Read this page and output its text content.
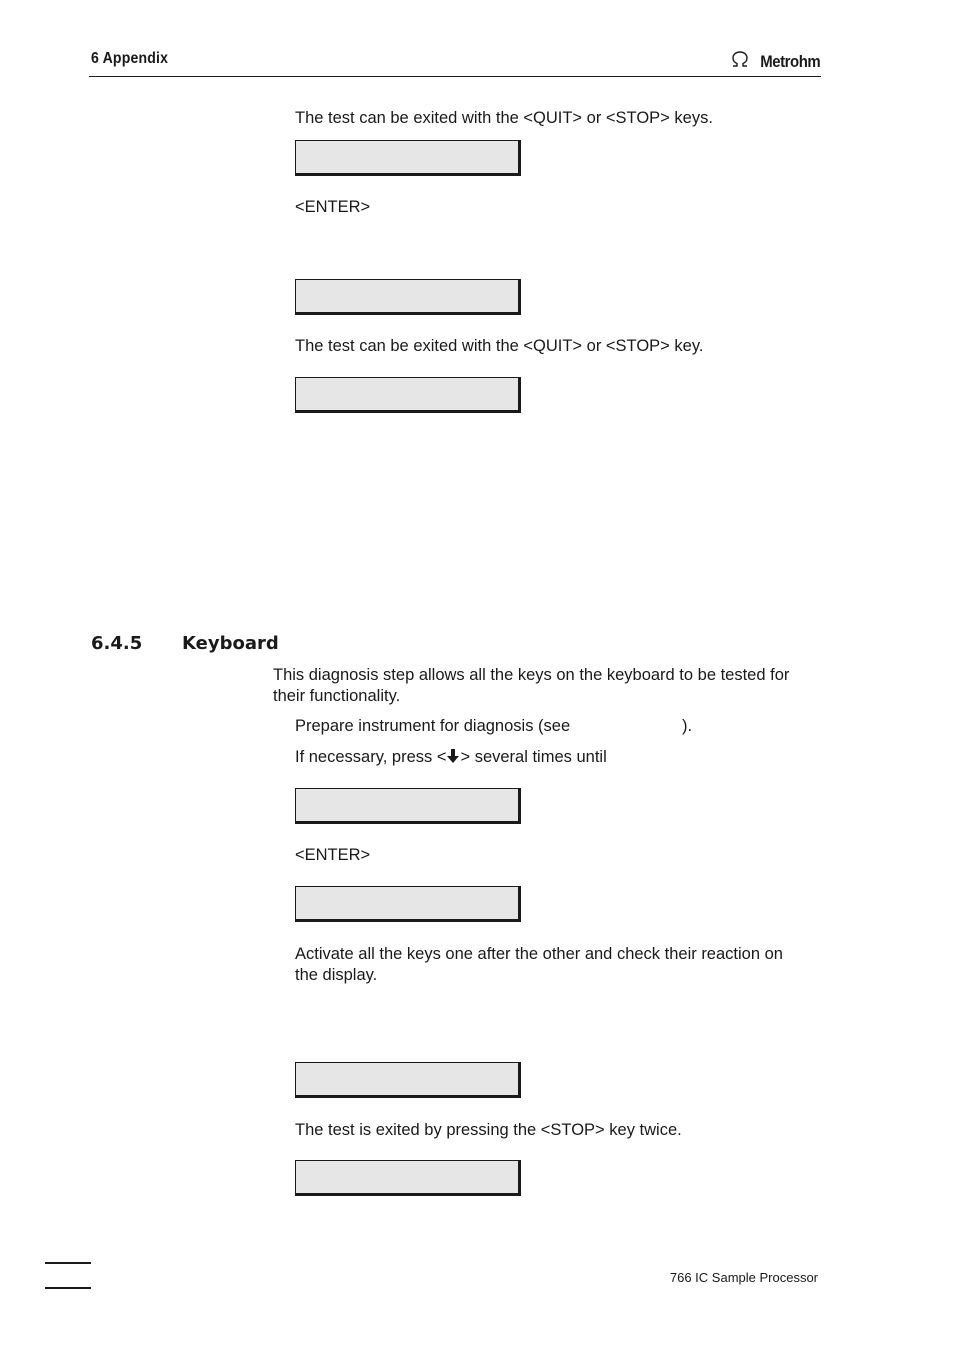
6 Appendix	Metrohm
The test can be exited with the <QUIT> or <STOP> keys.
<ENTER>
The test can be exited with the <QUIT> or <STOP> key.
6.4.5 Keyboard
This diagnosis step allows all the keys on the keyboard to be tested for
their functionality.
Prepare instrument for diagnosis (see	).
If necessary, press < > several times until
<ENTER>
Activate all the keys one after the other and check their reaction on
the display.
The test is exited by pressing the <STOP> key twice.
766 IC Sample Processor
